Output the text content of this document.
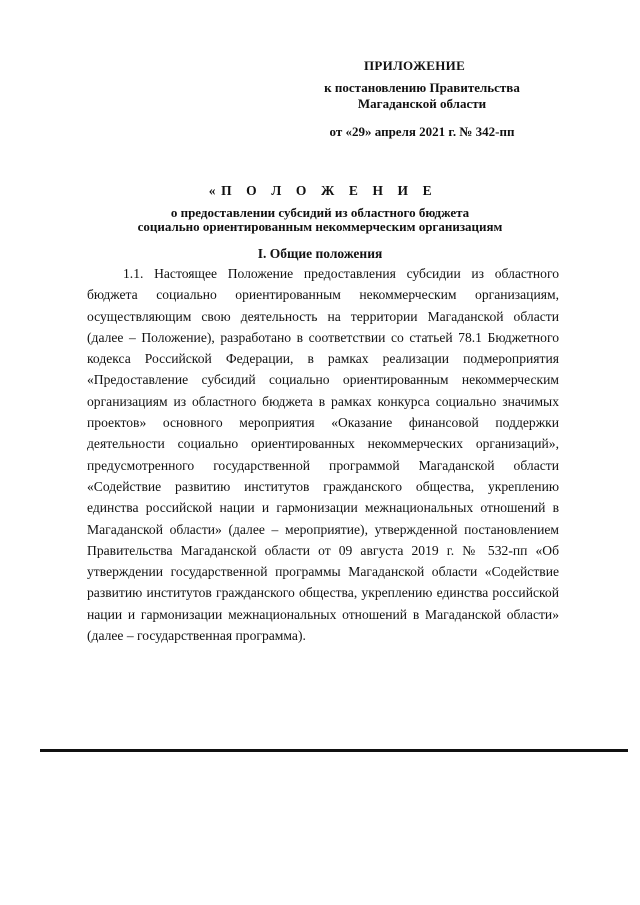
ПРИЛОЖЕНИЕ
к постановлению Правительства
Магаданской области
от «29» апреля 2021 г. № 342-пп
«П О Л О Ж Е Н И Е
о предоставлении субсидий из областного бюджета
социально ориентированным некоммерческим организациям
I. Общие положения

1.1. Настоящее Положение предоставления субсидии из областного бюджета социально ориентированным некоммерческим организациям, осуществляющим свою деятельность на территории Магаданской области (далее – Положение), разработано в соответствии со статьей 78.1 Бюджетного кодекса Российской Федерации, в рамках реализации подмероприятия «Предоставление субсидий социально ориентированным некоммерческим организациям из областного бюджета в рамках конкурса социально значимых проектов» основного мероприятия «Оказание финансовой поддержки деятельности социально ориентированных некоммерческих организаций», предусмотренного государственной программой Магаданской области «Содействие развитию институтов гражданского общества, укреплению единства российской нации и гармонизации межнациональных отношений в Магаданской области» (далее – мероприятие), утвержденной постановлением Правительства Магаданской области от 09 августа 2019 г. № 532-пп «Об утверждении государственной программы Магаданской области «Содействие развитию институтов гражданского общества, укреплению единства российской нации и гармонизации межнациональных отношений в Магаданской области» (далее – государственная программа).
